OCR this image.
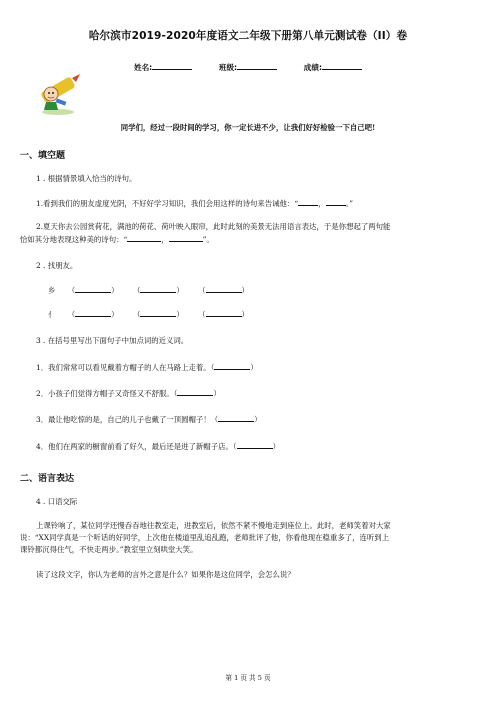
哈尔滨市2019-2020年度语文二年级下册第八单元测试卷（II）卷
姓名:	班级:	成绩:
同学们，经过一段时间的学习，你一定长进不少，让我们好好检验一下自己吧!
一、填空题
1 . 根据情景填入恰当的诗句。
1.看到我们的朋友虚度光阴，不好好学习知识，我们会用这样的诗句来告诫他：“	，	。”
2.夏天你去公园赏荷花，满池的荷花、荷叶映入眼帘，此时此刻的美景无法用语言表达，于是你想起了两句能
恰如其分地表现这种美的诗句：“	，	”。
2 . 找朋友。
乡 （	） （	） （	）
亻 （	） （	） （	）
3 . 在括号里写出下面句子中加点词的近义词。
1．我们常常可以看见戴着方帽子的人在马路上走着。（	）
2．小孩子们觉得方帽子又奇怪又不舒服。（	）
3．最让他吃惊的是，自己的儿子也戴了一顶圆帽子！（	）
4．他们在两家的橱窗前看了好久，最后还是进了新帽子店。（	）
二、语言表达
4 . 口语交际
上课铃响了，某位同学还慢吞吞地往教室走，进教室后，依然不紧不慢地走到座位上。此时，老师笑着对大家
说：“XX同学真是一个听话的好同学，上次他在楼道里乱追乱跑，老师批评了他，你看他现在稳重多了，连听到上
课铃都沉得住气，不快走两步。”教室里立刻哄堂大笑。
读了这段文字，你认为老师的言外之意是什么？如果你是这位同学，会怎么说？
第 1 页 共 5 页
